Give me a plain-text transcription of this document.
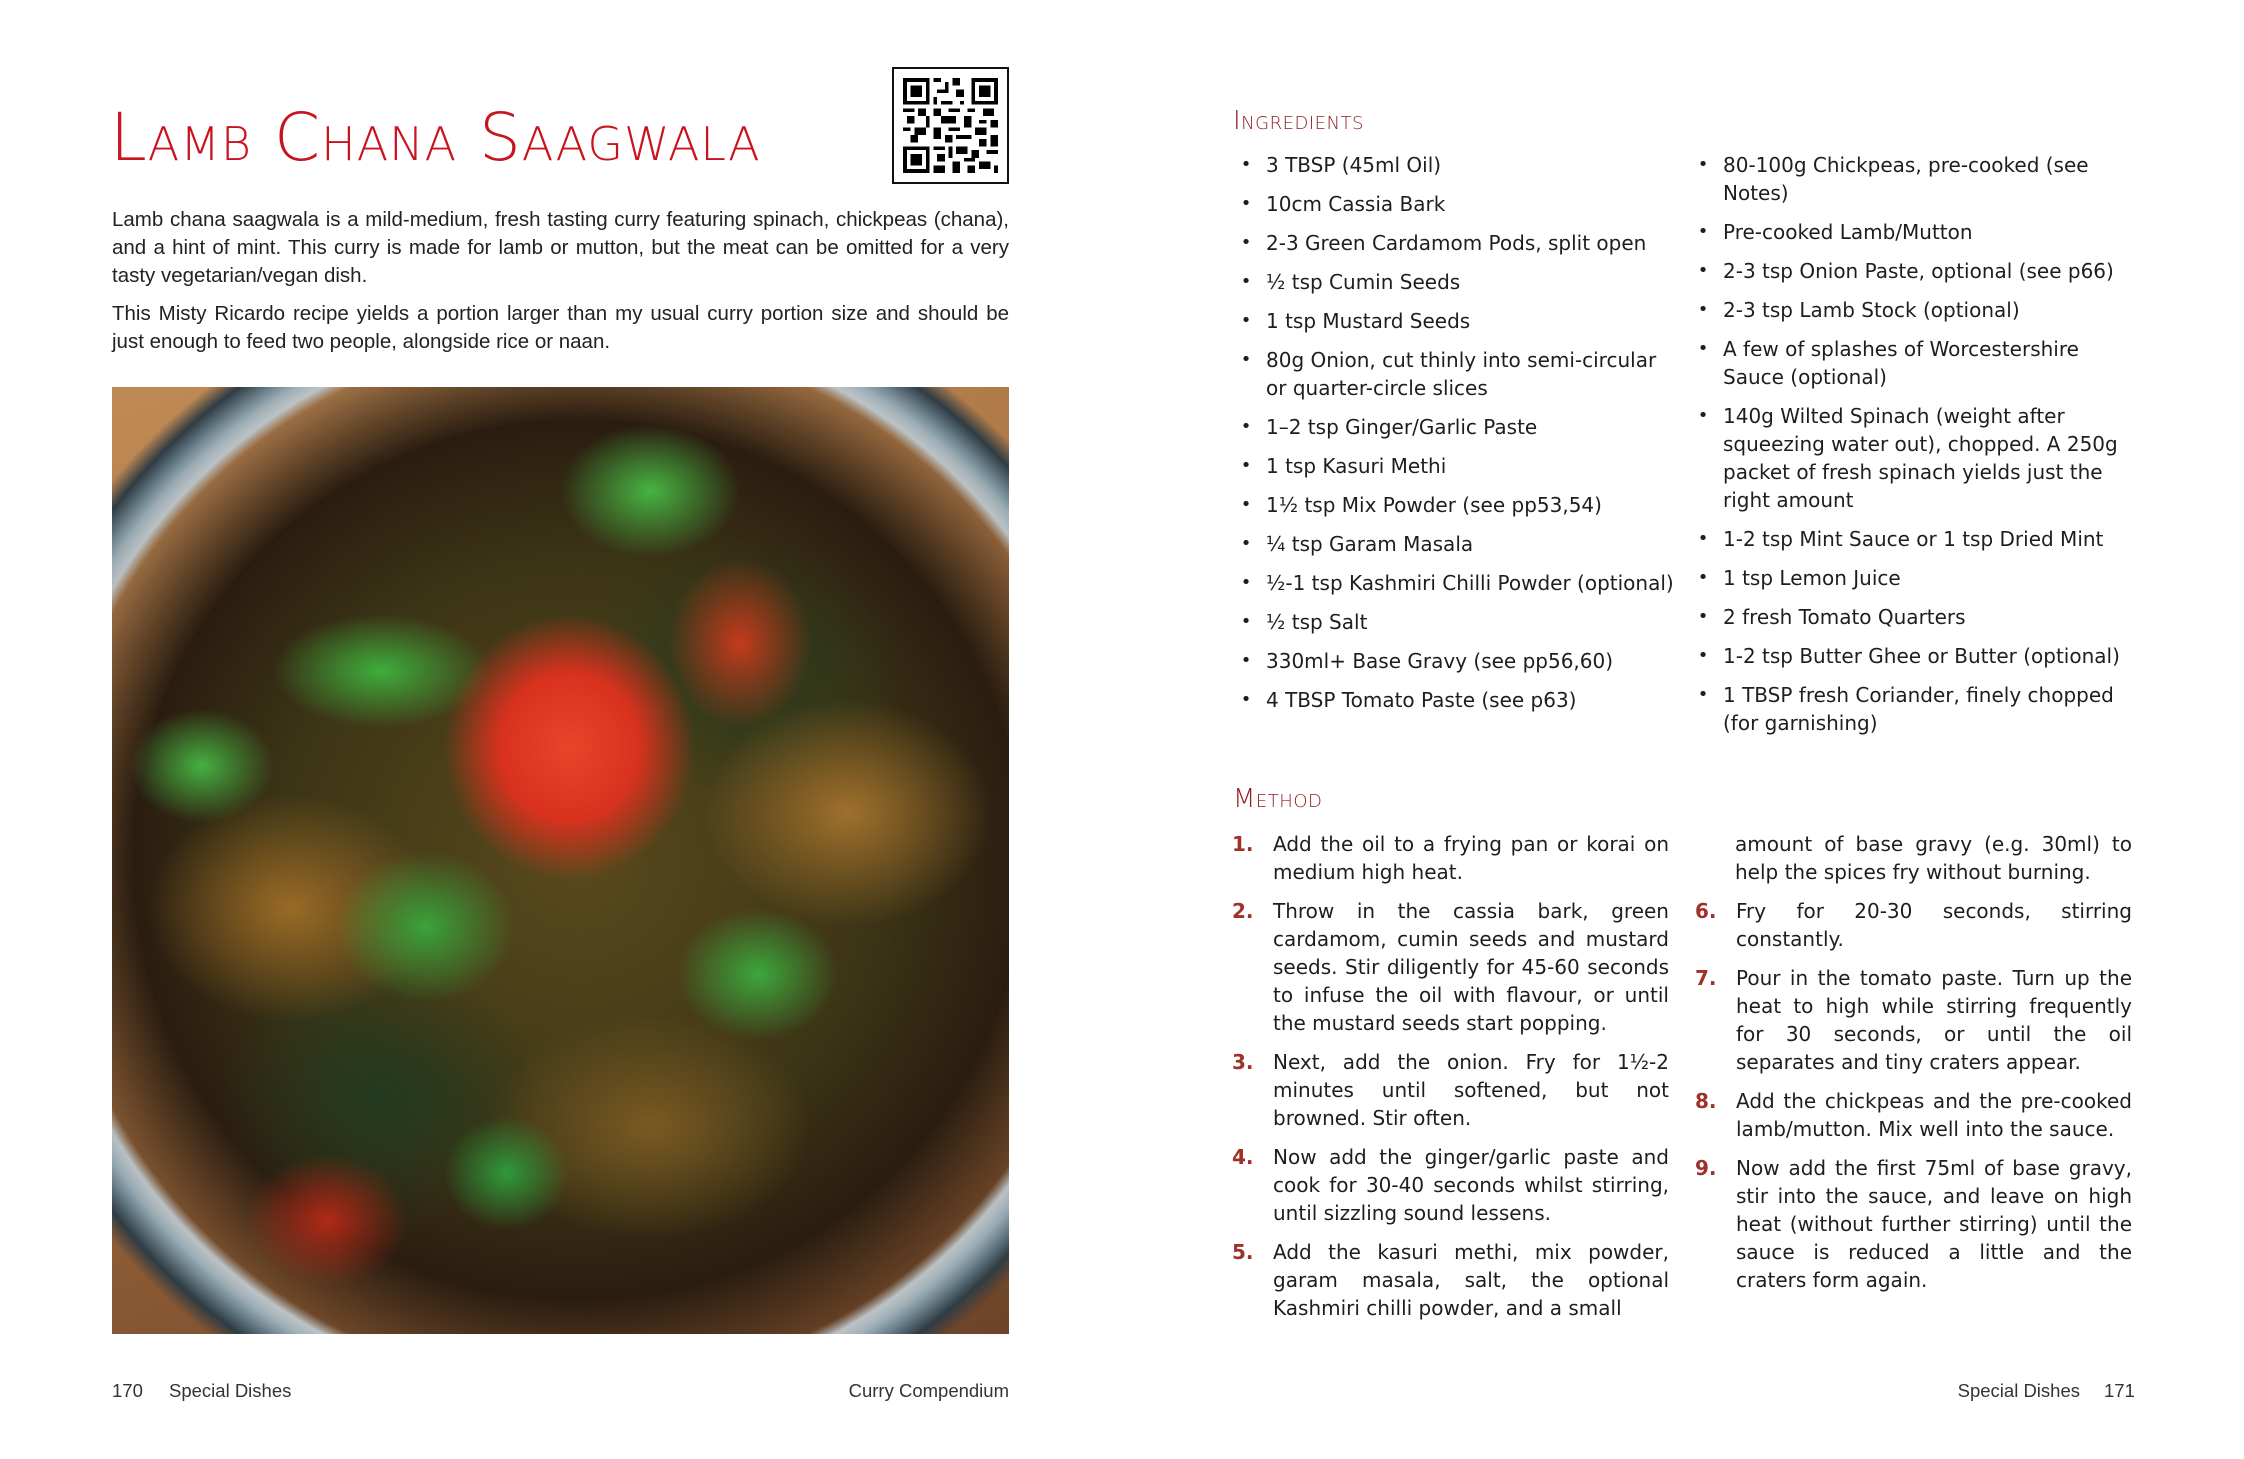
Lamb Chana Saagwala

Lamb chana saagwala is a mild-medium, fresh tasting curry featuring spinach, chickpeas (chana), and a hint of mint. This curry is made for lamb or mutton, but the meat can be omitted for a very tasty vegetarian/vegan dish.

This Misty Ricardo recipe yields a portion larger than my usual curry portion size and should be just enough to feed two people, alongside rice or naan.

170 Special Dishes	Curry Compendium
Ingredients
• 3 TBSP (45ml Oil)
• 10cm Cassia Bark
• 2-3 Green Cardamom Pods, split open
• ½ tsp Cumin Seeds
• 1 tsp Mustard Seeds
• 80g Onion, cut thinly into semi-circular or quarter-circle slices
• 1–2 tsp Ginger/Garlic Paste
• 1 tsp Kasuri Methi
• 1½ tsp Mix Powder (see pp53,54)
• ¼ tsp Garam Masala
• ½-1 tsp Kashmiri Chilli Powder (optional)
• ½ tsp Salt
• 330ml+ Base Gravy (see pp56,60)
• 4 TBSP Tomato Paste (see p63)
• 80-100g Chickpeas, pre-cooked (see Notes)
• Pre-cooked Lamb/Mutton
• 2-3 tsp Onion Paste, optional (see p66)
• 2-3 tsp Lamb Stock (optional)
• A few of splashes of Worcestershire Sauce (optional)
• 140g Wilted Spinach (weight after squeezing water out), chopped. A 250g packet of fresh spinach yields just the right amount
• 1-2 tsp Mint Sauce or 1 tsp Dried Mint
• 1 tsp Lemon Juice
• 2 fresh Tomato Quarters
• 1-2 tsp Butter Ghee or Butter (optional)
• 1 TBSP fresh Coriander, finely chopped (for garnishing)
Method
1. Add the oil to a frying pan or korai on medium high heat.
2. Throw in the cassia bark, green cardamom, cumin seeds and mustard seeds. Stir diligently for 45-60 seconds to infuse the oil with flavour, or until the mustard seeds start popping.
3. Next, add the onion. Fry for 1½-2 minutes until softened, but not browned. Stir often.
4. Now add the ginger/garlic paste and cook for 30-40 seconds whilst stirring, until sizzling sound lessens.
5. Add the kasuri methi, mix powder, garam masala, salt, the optional Kashmiri chilli powder, and a small
amount of base gravy (e.g. 30ml) to help the spices fry without burning.
6. Fry for 20-30 seconds, stirring constantly.
7. Pour in the tomato paste. Turn up the heat to high while stirring frequently for 30 seconds, or until the oil separates and tiny craters appear.
8. Add the chickpeas and the pre-cooked lamb/mutton. Mix well into the sauce.
9. Now add the first 75ml of base gravy, stir into the sauce, and leave on high heat (without further stirring) until the sauce is reduced a little and the craters form again.
Special Dishes 171
